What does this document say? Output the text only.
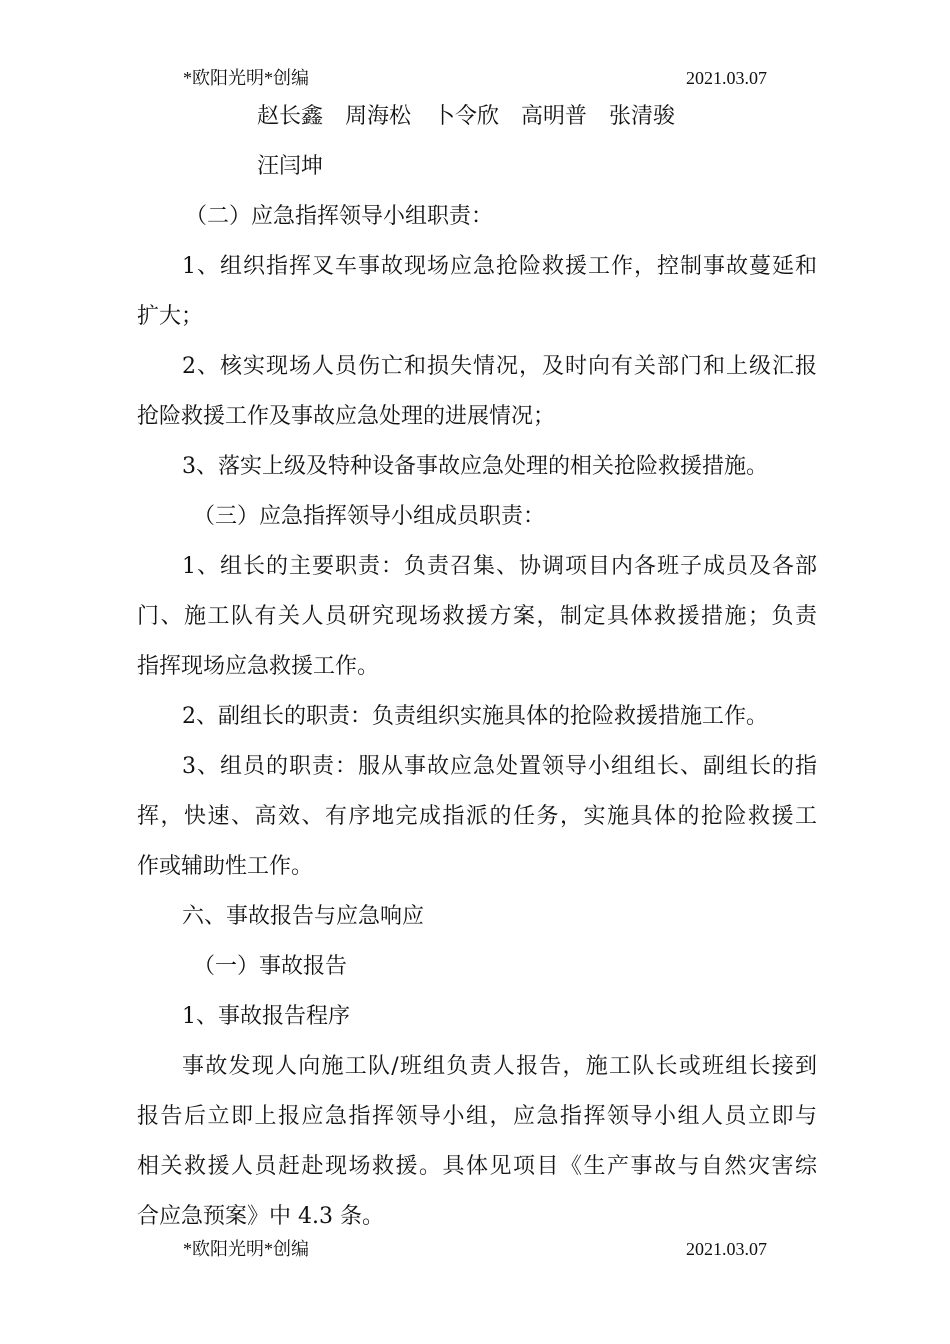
*欧阳光明*创编	2021.03.07
赵长鑫　周海松　卜令欣　高明普　张清骏
汪闫坤
（二）应急指挥领导小组职责：
1、组织指挥叉车事故现场应急抢险救援工作，控制事故蔓延和
扩大；
2、核实现场人员伤亡和损失情况，及时向有关部门和上级汇报
抢险救援工作及事故应急处理的进展情况；
3、落实上级及特种设备事故应急处理的相关抢险救援措施。
（三）应急指挥领导小组成员职责：
1、组长的主要职责：负责召集、协调项目内各班子成员及各部
门、施工队有关人员研究现场救援方案，制定具体救援措施；负责
指挥现场应急救援工作。
2、副组长的职责：负责组织实施具体的抢险救援措施工作。
3、组员的职责：服从事故应急处置领导小组组长、副组长的指
挥，快速、高效、有序地完成指派的任务，实施具体的抢险救援工
作或辅助性工作。
六、事故报告与应急响应
（一）事故报告
1、事故报告程序
事故发现人向施工队/班组负责人报告，施工队长或班组长接到
报告后立即上报应急指挥领导小组，应急指挥领导小组人员立即与
相关救援人员赶赴现场救援。具体见项目《生产事故与自然灾害综
合应急预案》中 4.3 条。
*欧阳光明*创编	2021.03.07
